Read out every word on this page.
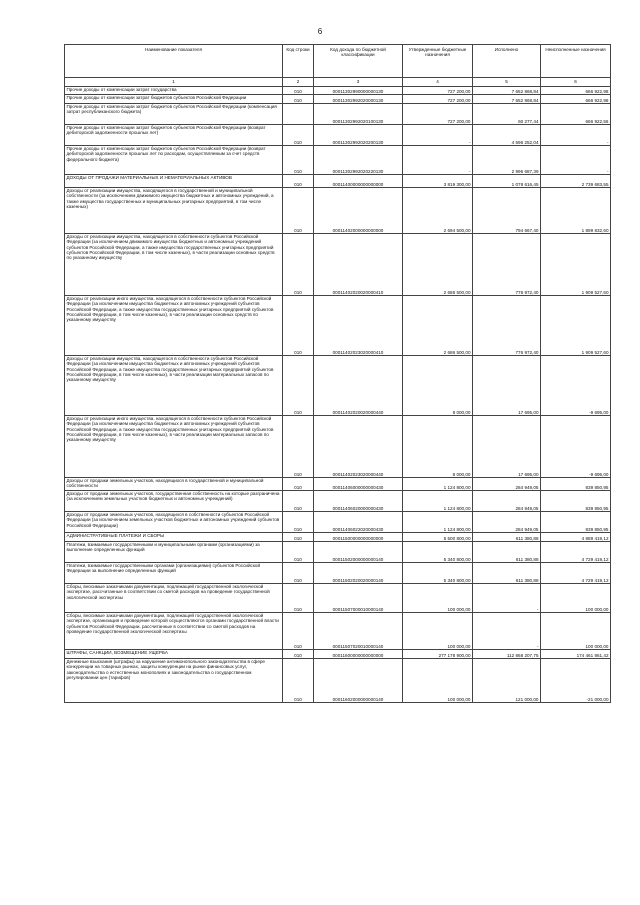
6
Наименование показателя	Код строки	Код дохода по бюджетной классификации	Утвержденные бюджетные назначения	Исполнено	Неисполненные назначения
1	2	3	4	5	6
Прочие доходы от компенсации затрат государства	010	00011302990000000130	727 200,00	7 652 868,84	666 922,98
Прочие доходы от компенсации затрат бюджетов субъектов Российской Федерации	010	00011302992020000130	727 200,00	7 652 868,84	666 922,98
Прочие доходы от компенсации затрат бюджетов субъектов Российской Федерации (компенсация затрат республиканского бюджета)		00011302992020100130	727 200,00	60 277,44	666 922,56
Прочие доходы от компенсации затрат бюджетов субъектов Российской Федерации (возврат дебиторской задолженности прошлых лет)	010	00011302992020200130	-	4 596 252,04	-
Прочие доходы от компенсации затрат бюджетов субъектов Российской Федерации (возврат дебиторской задолженности прошлых лет по расходам, осуществляемым за счет средств федерального бюджета)	010	00011302992020220130	-	2 996 687,39	-
ДОХОДЫ ОТ ПРОДАЖИ МАТЕРИАЛЬНЫХ И НЕМАТЕРИАЛЬНЫХ АКТИВОВ	010	00011400000000000000	3 819 300,00	1 078 616,45	2 739 683,55
Доходы от реализации имущества, находящегося в государственной и муниципальной собственности (за исключением движимого имущества бюджетных и автономных учреждений, а также имущества государственных и муниципальных унитарных предприятий, в том числе казенных)	010	00011402000000000000	2 694 500,00	794 667,40	1 899 832,60
Доходы от реализации имущества, находящегося в собственности субъектов Российской Федерации (за исключением движимого имущества бюджетных и автономных учреждений субъектов Российской Федерации, а также имущества государственных унитарных предприятий субъектов Российской Федерации, в том числе казенных), в части реализации основных средств по указанному имуществу	010	00011402020020000410	2 686 500,00	776 972,40	1 909 527,60
Доходы от реализации иного имущества, находящегося в собственности субъектов Российской Федерации (за исключением имущества бюджетных и автономных учреждений субъектов Российской Федерации, а также имущества государственных унитарных предприятий субъектов Российской Федерации, в том числе казенных), в части реализации основных средств по указанному имуществу	010	00011402023020000410	2 686 500,00	776 972,40	1 909 527,60
Доходы от реализации имущества, находящегося в собственности субъектов Российской Федерации (за исключением имущества бюджетных и автономных учреждений субъектов Российской Федерации, а также имущества государственных унитарных предприятий субъектов Российской Федерации, в том числе казенных), в части реализации материальных запасов по указанному имуществу	010	00011402020020000440	8 000,00	17 695,00	-9 695,00
Доходы от реализации иного имущества, находящегося в собственности субъектов Российской Федерации (за исключением имущества бюджетных и автономных учреждений субъектов Российской Федерации, а также имущества государственных унитарных предприятий субъектов Российской Федерации, в том числе казенных), в части реализации материальных запасов по указанному имуществу	010	00011402023020000440	8 000,00	17 695,00	-9 695,00
Доходы от продажи земельных участков, находящихся в государственной и муниципальной собственности	010	00011406000000000430	1 124 800,00	284 949,05	839 850,95
Доходы от продажи земельных участков, государственная собственность на которые разграничена (за исключением земельных участков бюджетных и автономных учреждений)	010	00011406020000000430	1 124 800,00	284 949,05	839 850,95
Доходы от продажи земельных участков, находящихся в собственности субъектов Российской Федерации (за исключением земельных участков бюджетных и автономных учреждений субъектов Российской Федерации)	010	00011406022020000430	1 124 800,00	284 949,05	839 850,95
АДМИНИСТРАТИВНЫЕ ПЛАТЕЖИ И СБОРЫ	010	00011500000000000000	5 500 800,00	611 380,88	4 889 419,12
Платежи, взимаемые государственными и муниципальными органами (организациями) за выполнение определенных функций	010	00011502000000000140	5 340 800,00	611 380,88	4 729 419,12
Платежи, взимаемые государственными органами (организациями) субъектов Российской Федерации за выполнение определенных функций	010	00011502020020000140	5 340 800,00	611 380,88	4 729 419,12
Сборы, вносимые заказчиками документации, подлежащей государственной экологической экспертизе, рассчитанные в соответствии со сметой расходов на проведение государственной экологической экспертизы	010	00011507000010000140	100 000,00	-	100 000,00
Сборы, вносимые заказчиками документации, подлежащей государственной экологической экспертизе, организация и проведение которой осуществляются органами государственной власти субъектов Российской Федерации, рассчитанные в соответствии со сметой расходов на проведение государственной экологической экспертизы	010	00011507020010000140	100 000,00	-	100 000,00
ШТРАФЫ, САНКЦИИ, ВОЗМЕЩЕНИЕ УЩЕРБА	010	00011600000000000000	277 178 900,00	112 868 207,75	174 461 861,42
Денежные взыскания (штрафы) за нарушение антимонопольного законодательства в сфере конкуренции на товарных рынках, защиты конкуренции на рынке финансовых услуг, законодательства о естественных монополиях и законодательства о государственном регулировании цен (тарифов)	010	00011602000000000140	100 000,00	121 000,00	-21 000,00
